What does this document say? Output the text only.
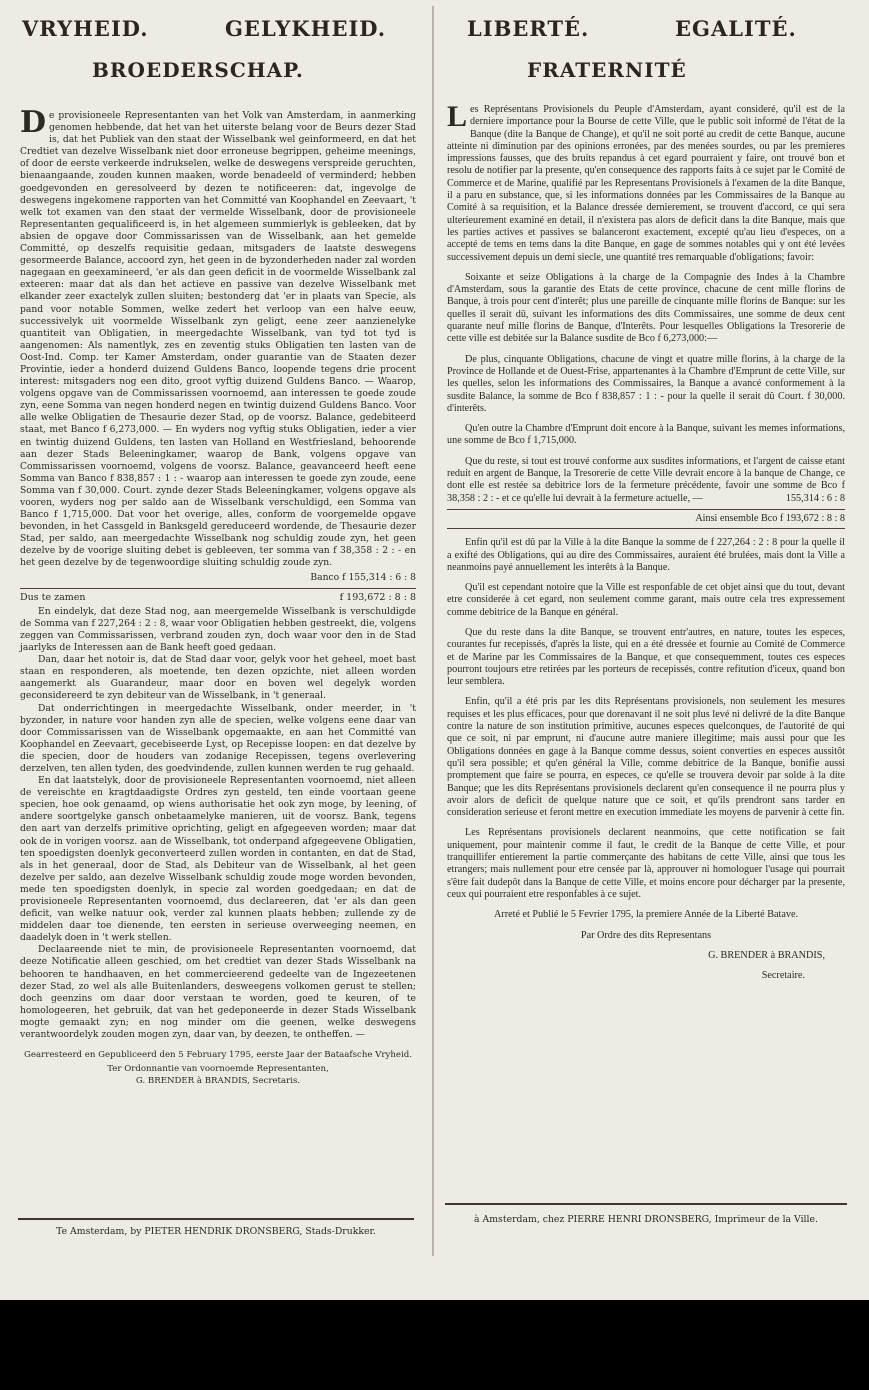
VRYHEID.	GELYKHEID.
BROEDERSCHAP.

De provisioneele Representanten van het Volk van Amsterdam, in aanmerking genomen hebbende, dat het van het uiterste belang voor de Beurs dezer Stad is, dat het Publiek van den staat der Wisselbank wel geinformeerd, en dat het Credtiet van dezelve Wisselbank niet door erroneuse begrippen, geheime meenings, of door de eerste verkeerde indrukselen, welke de deswegens verspreide geruchten, bienaangaande, zouden kunnen maaken, worde benadeeld of verminderd; hebben goedgevonden en geresolveerd by dezen te notificeeren: dat, ingevolge de deswegens ingekomene rapporten van het Committé van Koophandel en Zeevaart, 't welk tot examen van den staat der vermelde Wisselbank, door de provisioneele Representanten gequalificeerd is, in het algemeen summierlyk is gebleeken, dat by absien de opgave door Commissarissen van de Wisselbank, aan het gemelde Committé, op deszelfs requisitie gedaan, mitsgaders de laatste deswegens gesormeerde Balance, accoord zyn, het geen in de byzonderheden nader zal worden nagegaan en geexamineerd, 'er als dan geen deficit in de voormelde Wisselbank zal exteeren: maar dat als dan het actieve en passive van dezelve Wisselbank met elkander zeer exactelyk zullen sluiten; bestonderg dat 'er in plaats van Specie, als pand voor notable Sommen, welke zedert het verloop van een halve eeuw, successivelyk uit voormelde Wisselbank zyn geligt, eene zeer aanzienelyke quantiteit van Obligatien, in meergedachte Wisselbank, van tyd tot tyd is aangenomen: Als namentlyk, zes en zeventig stuks Obligatien ten lasten van de Oost-Ind. Comp. ter Kamer Amsterdam, onder guarantie van de Staaten dezer Provintie, ieder a honderd duizend Guldens Banco, loopende tegens drie procent interest: mitsgaders nog een dito, groot vyftig duizend Guldens Banco. — Waarop, volgens opgave van de Commissarissen voornoemd, aan interessen te goede zoude zyn, eene Somma van negen honderd negen en twintig duizend Guldens Banco. Voor alle welke Obligatien de Thesaurie dezer Stad, op de voorsz. Balance, gedebiteerd staat, met Banco f 6,273,000. — En wyders nog vyftig stuks Obligatien, ieder a vier en twintig duizend Guldens, ten lasten van Holland en Westfriesland, behoorende aan dezer Stads Beleeningkamer, waarop de Bank, volgens opgave van Commissarissen voornoemd, volgens de voorsz. Balance, geavanceerd heeft eene Somma van Banco f 838,857 : 1 : - waarop aan interessen te goede zyn zoude, eene Somma van f 30,000. Court. zynde dezer Stads Beleeningkamer, volgens opgave als vooren, wyders nog per saldo aan de Wisselbank verschuldigd, een Somma van Banco f 1,715,000. Dat voor het overige, alles, conform de voorgemelde opgave bevonden, in het Cassgeld in Banksgeld gereduceerd wordende, de Thesaurie dezer Stad, per saldo, aan meergedachte Wisselbank nog schuldig zoude zyn, het geen dezelve by de voorige sluiting debet is gebleeven, ter somma van f 38,358 : 2 : - en het geen dezelve by de tegenwoordige sluiting schuldig zoude zyn.

Banco f 155,314 : 6 : 8
Dus te zamen	f 193,672 : 8 : 8

En eindelyk, dat deze Stad nog, aan meergemelde Wisselbank is verschuldigde de Somma van f 227,264 : 2 : 8, waar voor Obligatien hebben gestreekt, die, volgens zeggen van Commissarissen, verbrand zouden zyn, doch waar voor den in de Stad jaarlyks de Interessen aan de Bank heeft goed gedaan.

Dan, daar het notoir is, dat de Stad daar voor, gelyk voor het geheel, moet bast staan en responderen, als moetende, ten dezen opzichte, niet alleen worden aangemerkt als Guarandeur, maar door en boven wel degelyk worden geconsidereerd te zyn debiteur van de Wisselbank, in 't generaal.

Dat onderrichtingen in meergedachte Wisselbank, onder meerder, in 't byzonder, in nature voor handen zyn alle de specien, welke volgens eene daar van door Commissarissen van de Wisselbank opgemaakte, en aan het Committé van Koophandel en Zeevaart, gecebiseerde Lyst, op Recepisse loopen: en dat dezelve by die specien, door de houders van zodanige Recepissen, tegens overlevering derzelven, ten allen tyden, des goedvindende, zullen kunnen werden te rug gehaald.

En dat laatstelyk, door de provisioneele Representanten voornoemd, niet alleen de vereischte en kragtdaadigste Ordres zyn gesteld, ten einde voortaan geene specien, hoe ook genaamd, op wiens authorisatie het ook zyn moge, by leening, of andere soortgelyke gansch onbetaamelyke manieren, uit de voorsz. Bank, tegens den aart van derzelfs primitive oprichting, geligt en afgegeeven worden; maar dat ook de in vorigen voorsz. aan de Wisselbank, tot onderpand afgegeevene Obligatien, ten spoedigsten doenlyk geconverteerd zullen worden in contanten, en dat de Stad, als in het generaal, door de Stad, als Debiteur van de Wisselbank, al het geen dezelve per saldo, aan dezelve Wisselbank schuldig zoude moge worden bevonden, mede ten spoedigsten doenlyk, in specie zal worden goedgedaan; en dat de provisioneele Representanten voornoemd, dus declareeren, dat 'er als dan geen deficit, van welke natuur ook, verder zal kunnen plaats hebben; zullende zy de middelen daar toe dienende, ten eersten in serieuse overweeging neemen, en daadelyk doen in 't werk stellen.

Declaareende niet te min, de provisioneele Representanten voornoemd, dat deeze Notificatie alleen geschied, om het credtiet van dezer Stads Wisselbank na behooren te handhaaven, en het commercieerend gedeelte van de Ingezeetenen dezer Stad, zo wel als alle Buitenlanders, desweegens volkomen gerust te stellen; doch geenzins om daar door verstaan te worden, goed te keuren, of te homologeeren, het gebruik, dat van het gedeponeerde in dezer Stads Wisselbank mogte gemaakt zyn; en nog minder om die geenen, welke deswegens verantwoordelyk zouden mogen zyn, daar van, by deezen, te ontheffen. —

Gearresteerd en Gepubliceerd den 5 February 1795, eerste Jaar der Bataafsche Vryheid.

Ter Ordonnantie van voornoemde Representanten,

G. BRENDER à BRANDIS, Secretaris.

Te Amsterdam, by PIETER HENDRIK DRONSBERG, Stads-Drukker.
LIBERTÉ.	EGALITÉ.
FRATERNITÉ

Les Représentans Provisionels du Peuple d'Amsterdam, ayant consideré, qu'il est de la derniere importance pour la Bourse de cette Ville, que le public soit informé de l'état de la Banque (dite la Banque de Change), et qu'il ne soit porté au credit de cette Banque, aucune atteinte ni diminution par des opinions erronées, par des menées sourdes, ou par les premieres impressions fausses, que des bruits repandus à cet egard pourraient y faire, ont trouvé bon et resolu de notifier par la presente, qu'en consequence des rapports faits à ce sujet par le Comité de Commerce et de Marine, qualifié par les Representans Provisionels à l'examen de la dite Banque, il a paru en substance, que, si les informations données par les Commissaires de la Banque au Comité à sa requisition, et la Balance dressée dernierement, se trouvent d'accord, ce qui sera ulterieurement examiné en detail, il n'existera pas alors de deficit dans la dite Banque, mais que les parties actives et passives se balanceront exactement, excepté qu'au lieu d'especes, on a accepté de tems en tems dans la dite Banque, en gage de sommes notables qui y ont été levées successivement depuis un demi siecle, une quantité tres remarquable d'obligations; favoir:

Soixante et seize Obligations à la charge de la Compagnie des Indes à la Chambre d'Amsterdam, sous la garantie des Etats de cette province, chacune de cent mille florins de Banque, à trois pour cent d'interêt; plus une pareille de cinquante mille florins de Banque: sur les quelles il serait dû, suivant les informations des dits Commissaires, une somme de deux cent quarante neuf mille florins de Banque, d'Interêts. Pour lesquelles Obligations la Tresorerie de cette ville est debitée sur la Balance susdite de Bco f 6,273,000:—

De plus, cinquante Obligations, chacune de vingt et quatre mille florins, à la charge de la Province de Hollande et de Ouest-Frise, appartenantes à la Chambre d'Emprunt de cette Ville, sur les quelles, selon les informations des Commissaires, la Banque a avancé conformement à la susdite Balance, la somme de Bco f 838,857 : 1 : - pour la quelle il serait dû Court. f 30,000. d'interêts.

Qu'en outre la Chambre d'Emprunt doit encore à la Banque, suivant les memes informations, une somme de Bco f 1,715,000.

Que du reste, si tout est trouvé conforme aux susdites informations, et l'argent de caisse etant reduit en argent de Banque, la Tresorerie de cette Ville devrait encore à la banque de Change, ce dont elle est restée sa debitrice lors de la fermeture précédente, favoir une somme de Bco f 38,358 : 2 : - et ce qu'elle lui devrait à la fermeture actuelle, —	155,314 : 6 : 8

Ainsi ensemble Bco f 193,672 : 8 : 8

Enfin qu'il est dû par la Ville à la dite Banque la somme de f 227,264 : 2 : 8 pour la quelle il a exifté des Obligations, qui au dire des Commissaires, auraient été brulées, mais dont la Ville a neanmoins payé annuellement les interêts à la Banque.

Qu'il est cependant notoire que la Ville est responfable de cet objet ainsi que du tout, devant etre considerée à cet egard, non seulement comme garant, mais outre cela tres expressement comme debitrice de la Banque en général.

Que du reste dans la dite Banque, se trouvent entr'autres, en nature, toutes les especes, courantes fur recepissés, d'après la liste, qui en a été dressée et fournie au Comité de Commerce et de Marine par les Commissaires de la Banque, et que consequemment, toutes ces especes pourront toujours etre retirées par les porteurs de recepissés, contre refitution d'iceux, quand bon leur semblera.

Enfin, qu'il a été pris par les dits Représentans provisionels, non seulement les mesures requises et les plus efficaces, pour que dorenavant il ne soit plus levé ni delivré de la dite Banque contre la nature de son institution primitive, aucunes especes quelconques, de l'autorité de qui que ce soit, ni par emprunt, ni d'aucune autre maniere illegitime; mais aussi pour que les Obligations données en gage à la Banque comme dessus, soient converties en especes aussitôt qu'il sera possible; et qu'en général la Ville, comme debitrice de la Banque, bonifie aussi promptement que faire se pourra, en especes, ce qu'elle se trouvera devoir par solde à la dite Banque; que les dits Représentans provisionels declarent qu'en consequence il ne pourra plus y avoir alors de deficit de quelque nature que ce soit, et qu'ils prendront sans tarder en consideration serieuse et feront mettre en execution immediate les moyens de parvenir à cette fin.

Les Représentans provisionels declarent neanmoins, que cette notification se fait uniquement, pour maintenir comme il faut, le credit de la Banque de cette Ville, et pour tranquillifer entierement la partie commerçante des habitans de cette Ville, ainsi que tous les etrangers; mais nullement pour etre censée par là, approuver ni homologuer l'usage qui pourrait s'être fait dudepôt dans la Banque de cette Ville, et moins encore pour décharger par la presente, ceux qui pourraient etre responfables à ce sujet.

Arreté et Publié le 5 Fevrier 1795, la premiere Année de la Liberté Batave.

Par Ordre des dits Representans

G. BRENDER à BRANDIS,

Secretaire.

à Amsterdam, chez PIERRE HENRI DRONSBERG, Imprimeur de la Ville.
